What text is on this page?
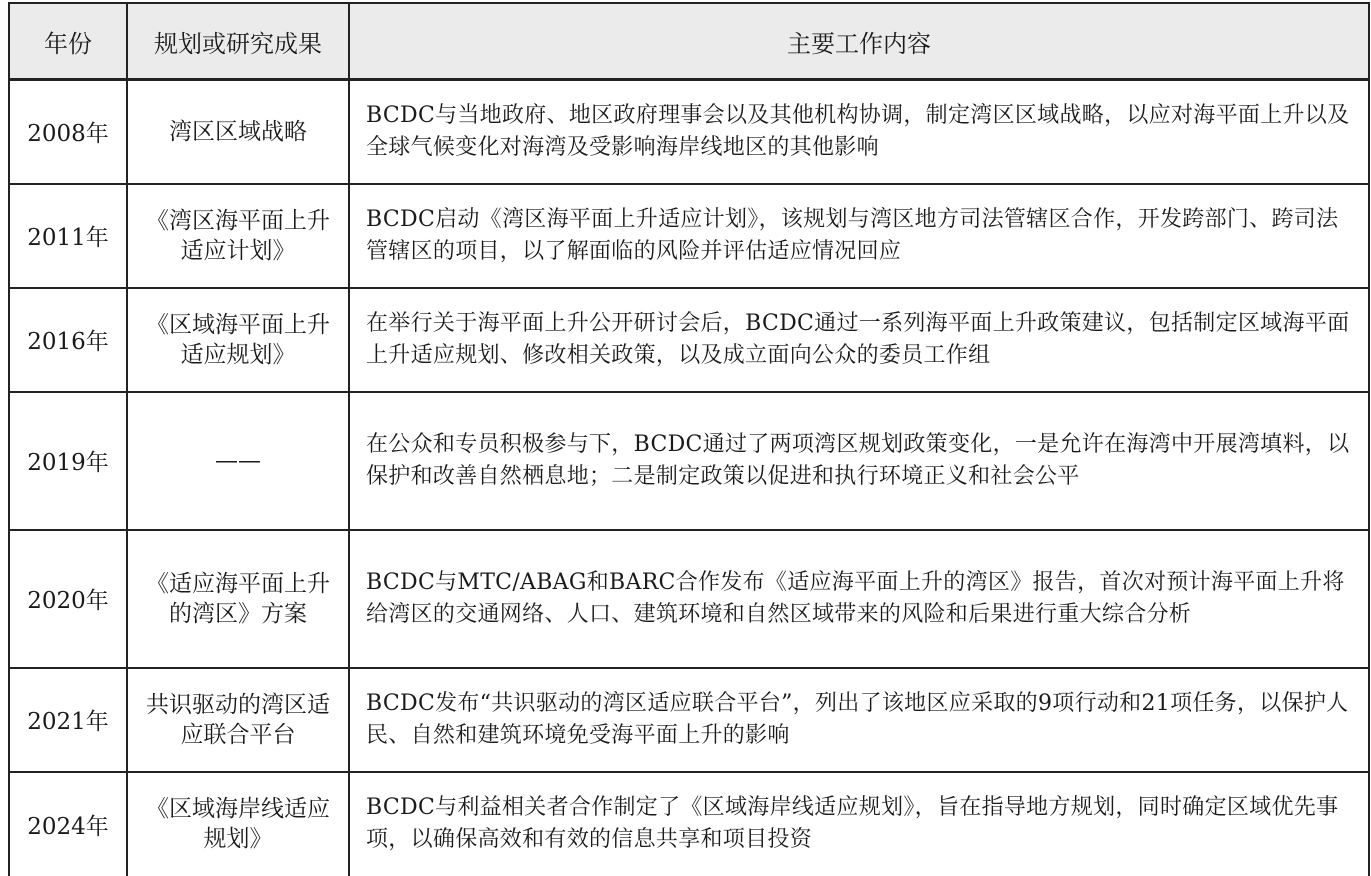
年份	规划或研究成果	主要工作内容
2008年	湾区区域战略	BCDC与当地政府、地区政府理事会以及其他机构协调，制定湾区区域战略，以应对海平面上升以及全球气候变化对海湾及受影响海岸线地区的其他影响
2011年	《湾区海平面上升适应计划》	BCDC启动《湾区海平面上升适应计划》，该规划与湾区地方司法管辖区合作，开发跨部门、跨司法管辖区的项目，以了解面临的风险并评估适应情况回应
2016年	《区域海平面上升适应规划》	在举行关于海平面上升公开研讨会后，BCDC通过一系列海平面上升政策建议，包括制定区域海平面上升适应规划、修改相关政策，以及成立面向公众的委员工作组
2019年	——	在公众和专员积极参与下，BCDC通过了两项湾区规划政策变化，一是允许在海湾中开展湾填料，以保护和改善自然栖息地；二是制定政策以促进和执行环境正义和社会公平
2020年	《适应海平面上升的湾区》方案	BCDC与MTC/ABAG和BARC合作发布《适应海平面上升的湾区》报告，首次对预计海平面上升将给湾区的交通网络、人口、建筑环境和自然区域带来的风险和后果进行重大综合分析
2021年	共识驱动的湾区适应联合平台	BCDC发布“共识驱动的湾区适应联合平台”，列出了该地区应采取的9项行动和21项任务，以保护人民、自然和建筑环境免受海平面上升的影响
2024年	《区域海岸线适应规划》	BCDC与利益相关者合作制定了《区域海岸线适应规划》，旨在指导地方规划，同时确定区域优先事项，以确保高效和有效的信息共享和项目投资
